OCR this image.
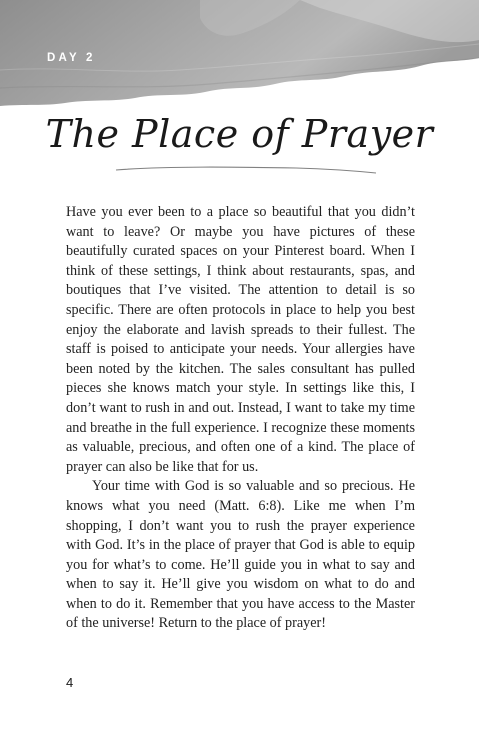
DAY 2
The Place of Prayer

Have you ever been to a place so beautiful that you didn’t want to leave? Or maybe you have pictures of these beautifully curated spaces on your Pinterest board. When I think of these settings, I think about restaurants, spas, and boutiques that I’ve visited. The attention to detail is so specific. There are often protocols in place to help you best enjoy the elaborate and lavish spreads to their fullest. The staff is poised to anticipate your needs. Your allergies have been noted by the kitchen. The sales consultant has pulled pieces she knows match your style. In settings like this, I don’t want to rush in and out. Instead, I want to take my time and breathe in the full experience. I recognize these moments as valuable, precious, and often one of a kind. The place of prayer can also be like that for us.

Your time with God is so valuable and so precious. He knows what you need (Matt. 6:8). Like me when I’m shopping, I don’t want you to rush the prayer experience with God. It’s in the place of prayer that God is able to equip you for what’s to come. He’ll guide you in what to say and when to say it. He’ll give you wisdom on what to do and when to do it. Remember that you have access to the Master of the universe! Return to the place of prayer!

4
